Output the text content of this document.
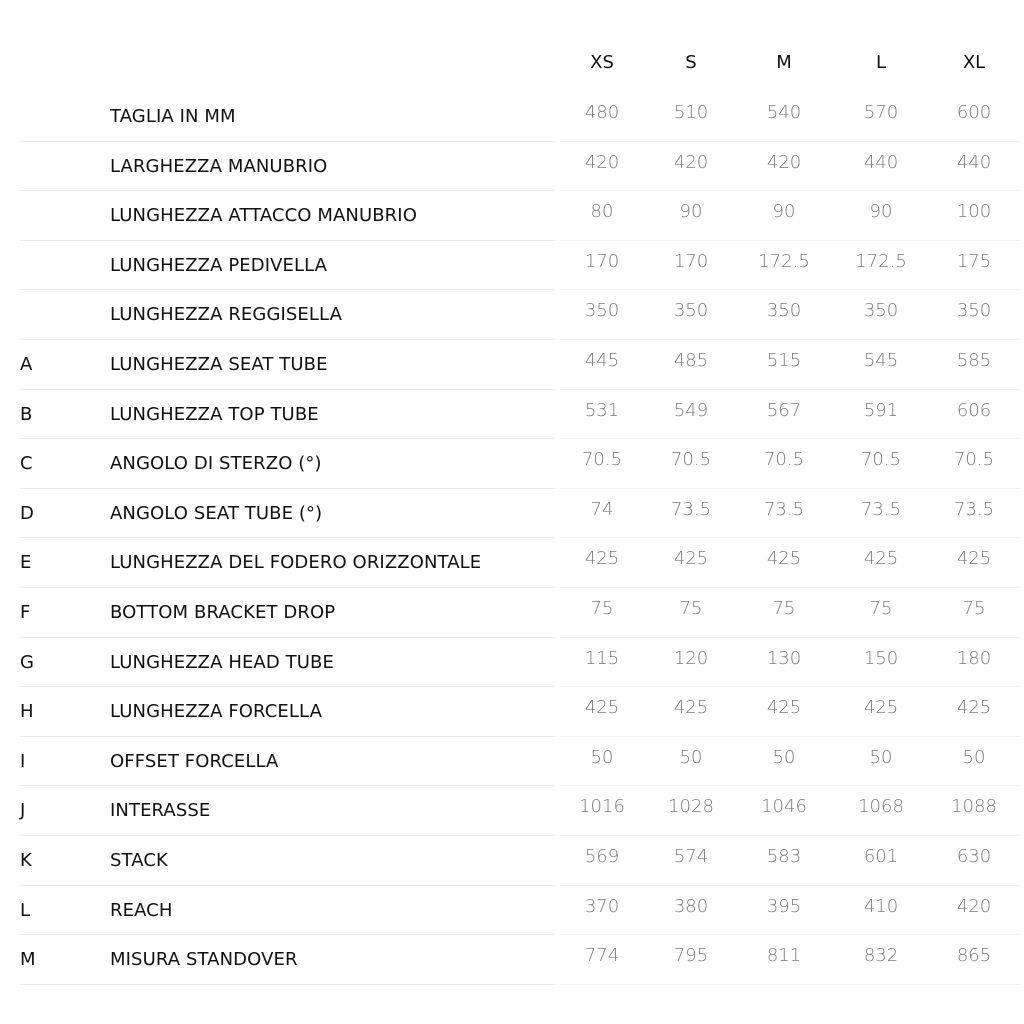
XS	S	M	L	XL
TAGLIA IN MM	480	510	540	570	600
LARGHEZZA MANUBRIO	420	420	420	440	440
LUNGHEZZA ATTACCO MANUBRIO	80	90	90	90	100
LUNGHEZZA PEDIVELLA	170	170	172.5	172.5	175
LUNGHEZZA REGGISELLA	350	350	350	350	350
A	LUNGHEZZA SEAT TUBE	445	485	515	545	585
B	LUNGHEZZA TOP TUBE	531	549	567	591	606
C	ANGOLO DI STERZO (°)	70.5	70.5	70.5	70.5	70.5
D	ANGOLO SEAT TUBE (°)	74	73.5	73.5	73.5	73.5
E	LUNGHEZZA DEL FODERO ORIZZONTALE	425	425	425	425	425
F	BOTTOM BRACKET DROP	75	75	75	75	75
G	LUNGHEZZA HEAD TUBE	115	120	130	150	180
H	LUNGHEZZA FORCELLA	425	425	425	425	425
I	OFFSET FORCELLA	50	50	50	50	50
J	INTERASSE	1016	1028	1046	1068	1088
K	STACK	569	574	583	601	630
L	REACH	370	380	395	410	420
M	MISURA STANDOVER	774	795	811	832	865
